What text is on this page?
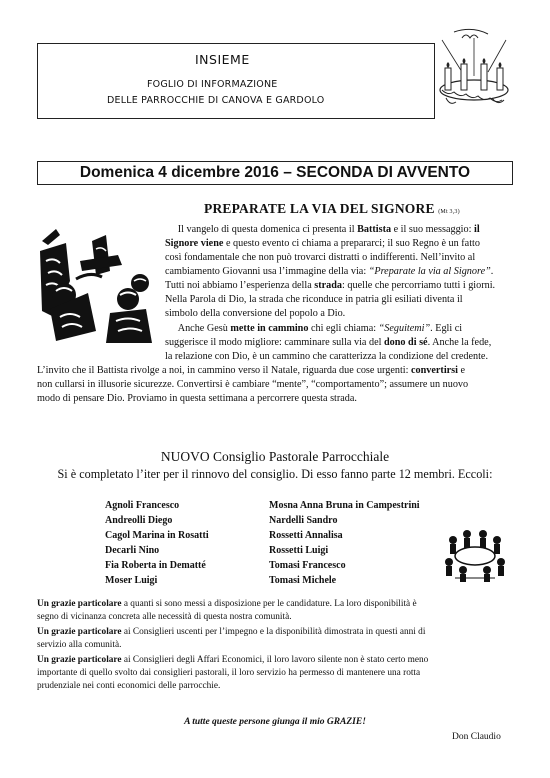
INSIEME
FOGLIO DI INFORMAZIONE
DELLE PARROCCHIE DI CANOVA E GARDOLO
Domenica 4 dicembre 2016 – SECONDA DI AVVENTO
PREPARATE LA VIA DEL SIGNORE (Mt 3,3)
Il vangelo di questa domenica ci presenta il Battista e il suo messaggio: il
Signore viene e questo evento ci chiama a prepararci; il suo Regno è un fatto
così fondamentale che non può trovarci distratti o indifferenti. Nell’invito al
cambiamento Giovanni usa l’immagine della via: “Preparate la via al Signore”.
Tutti noi abbiamo l’esperienza della strada: quelle che percorriamo tutti i giorni.
Nella Parola di Dio, la strada che riconduce in patria gli esiliati diventa il
simbolo della conversione del popolo a Dio.
Anche Gesù mette in cammino chi egli chiama: “Seguitemi”. Egli ci
suggerisce il modo migliore: camminare sulla via del dono di sé. Anche la fede,
la relazione con Dio, è un cammino che caratterizza la condizione del credente.
L’invito che il Battista rivolge a noi, in cammino verso il Natale, riguarda due cose urgenti: convertirsi e
non cullarsi in illusorie sicurezze. Convertirsi è cambiare “mente”, “comportamento”; assumere un nuovo
modo di pensare Dio. Proviamo in questa settimana a percorrere questa strada.
NUOVO Consiglio Pastorale Parrocchiale
Si è completato l’iter per il rinnovo del consiglio. Di esso fanno parte 12 membri. Eccoli:
Agnoli Francesco
Andreolli Diego
Cagol Marina in Rosatti
Decarli Nino
Fia Roberta in Dematté
Moser Luigi
Mosna Anna Bruna in Campestrini
Nardelli Sandro
Rossetti Annalisa
Rossetti Luigi
Tomasi Francesco
Tomasi Michele
Un grazie particolare a quanti si sono messi a disposizione per le candidature. La loro disponibilità è
segno di vicinanza concreta alle necessità di questa nostra comunità.
Un grazie particolare ai Consiglieri uscenti per l’impegno e la disponibilità dimostrata in questi anni di
servizio alla comunità.
Un grazie particolare ai Consiglieri degli Affari Economici, il loro lavoro silente non è stato certo meno
importante di quello svolto dai consiglieri pastorali, il loro servizio ha permesso di mantenere una rotta
prudenziale nei conti economici delle parrocchie.
A tutte queste persone giunga il mio GRAZIE!
Don Claudio
